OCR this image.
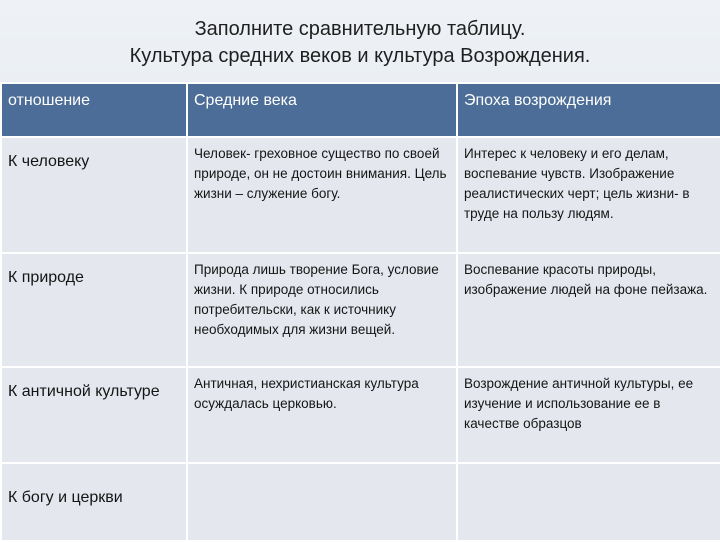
Заполните сравнительную таблицу.
Культура средних веков и культура Возрождения.
отношение	Средние века	Эпоха возрождения
К человеку	Человек- греховное существо по своей природе, он не достоин внимания. Цель жизни – служение богу.	Интерес к человеку и его делам, воспевание чувств. Изображение реалистических черт; цель жизни- в труде на пользу людям.
К природе	Природа лишь творение Бога, условие жизни. К природе относились потребительски, как к источнику необходимых для жизни вещей.	Воспевание красоты природы, изображение людей на фоне пейзажа.
К античной культуре	Античная, нехристианская культура осуждалась церковью.	Возрождение античной культуры, ее изучение и использование ее в качестве образцов
К богу и церкви		
